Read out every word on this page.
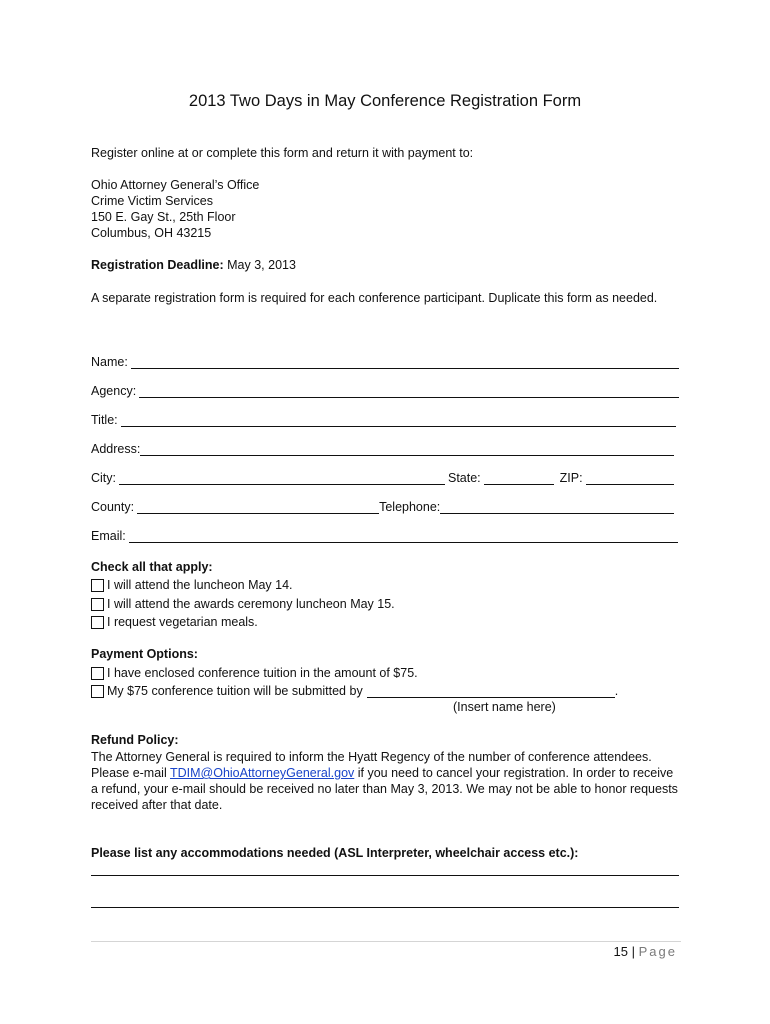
2013 Two Days in May Conference Registration Form
Register online at or complete this form and return it with payment to:
Ohio Attorney General’s Office
Crime Victim Services
150 E. Gay St., 25th Floor
Columbus, OH 43215
Registration Deadline: May 3, 2013
A separate registration form is required for each conference participant. Duplicate this form as needed.
Name:
Agency:
Title:
Address:
City:	State:	ZIP:
County:	Telephone:
Email:
Check all that apply:
I will attend the luncheon May 14.
I will attend the awards ceremony luncheon May 15.
I request vegetarian meals.
Payment Options:
I have enclosed conference tuition in the amount of $75.
My $75 conference tuition will be submitted by	.
(Insert name here)
Refund Policy:
The Attorney General is required to inform the Hyatt Regency of the number of conference attendees. Please e-mail TDIM@OhioAttorneyGeneral.gov if you need to cancel your registration. In order to receive a refund, your e-mail should be received no later than May 3, 2013. We may not be able to honor requests received after that date.
Please list any accommodations needed (ASL Interpreter, wheelchair access etc.):
15 | Page
